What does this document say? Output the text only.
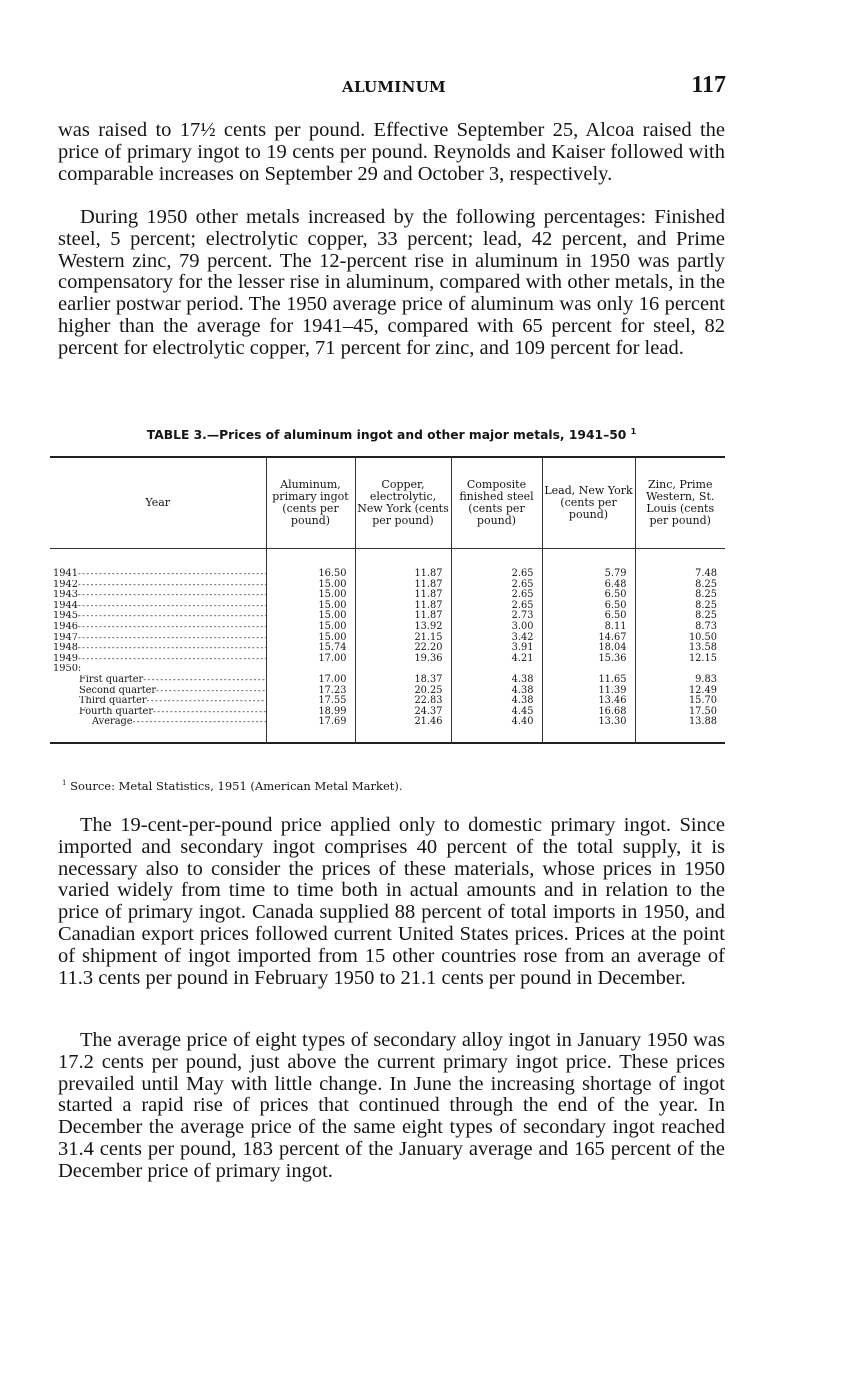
ALUMINUM	117

was raised to 17½ cents per pound. Effective September 25, Alcoa raised the price of primary ingot to 19 cents per pound. Reynolds and Kaiser followed with comparable increases on September 29 and October 3, respectively.

During 1950 other metals increased by the following percentages: Finished steel, 5 percent; electrolytic copper, 33 percent; lead, 42 percent, and Prime Western zinc, 79 percent. The 12-percent rise in aluminum in 1950 was partly compensatory for the lesser rise in aluminum, compared with other metals, in the earlier postwar period. The 1950 average price of aluminum was only 16 percent higher than the average for 1941–45, compared with 65 percent for steel, 82 percent for electrolytic copper, 71 percent for zinc, and 109 percent for lead.

TABLE 3.—Prices of aluminum ingot and other major metals, 1941–50 $^1$
Year	Aluminum, primary ingot (cents per pound)	Copper, electrolytic, New York (cents per pound)	Composite finished steel (cents per pound)	Lead, New York (cents per pound)	Zinc, Prime Western, St. Louis (cents per pound)
1941 - - -	16.50	11.87	2.65	5.79	7.48
1942 - - -	15.00	11.87	2.65	6.48	8.25
1943 - - -	15.00	11.87	2.65	6.50	8.25
1944 - - -	15.00	11.87	2.65	6.50	8.25
1945 - - -	15.00	11.87	2.73	6.50	8.25
1946 - - -	15.00	13.92	3.00	8.11	8.73
1947 - - -	15.00	21.15	3.42	14.67	10.50
1948 - - -	15.74	22.20	3.91	18.04	13.58
1949 - - -	17.00	19.36	4.21	15.36	12.15
1950:					
First quarter - - -	17.00	18.37	4.38	11.65	9.83
Second quarter - - -	17.23	20.25	4.38	11.39	12.49
Third quarter - - -	17.55	22.83	4.38	13.46	15.70
Fourth quarter - - -	18.99	24.37	4.45	16.68	17.50
Average - - -	17.69	21.46	4.40	13.30	13.88
$^1$ Source: Metal Statistics, 1951 (American Metal Market).

The 19-cent-per-pound price applied only to domestic primary ingot. Since imported and secondary ingot comprises 40 percent of the total supply, it is necessary also to consider the prices of these materials, whose prices in 1950 varied widely from time to time both in actual amounts and in relation to the price of primary ingot. Canada supplied 88 percent of total imports in 1950, and Canadian export prices followed current United States prices. Prices at the point of shipment of ingot imported from 15 other countries rose from an average of 11.3 cents per pound in February 1950 to 21.1 cents per pound in December.

The average price of eight types of secondary alloy ingot in January 1950 was 17.2 cents per pound, just above the current primary ingot price. These prices prevailed until May with little change. In June the increasing shortage of ingot started a rapid rise of prices that continued through the end of the year. In December the average price of the same eight types of secondary ingot reached 31.4 cents per pound, 183 percent of the January average and 165 percent of the December price of primary ingot.
